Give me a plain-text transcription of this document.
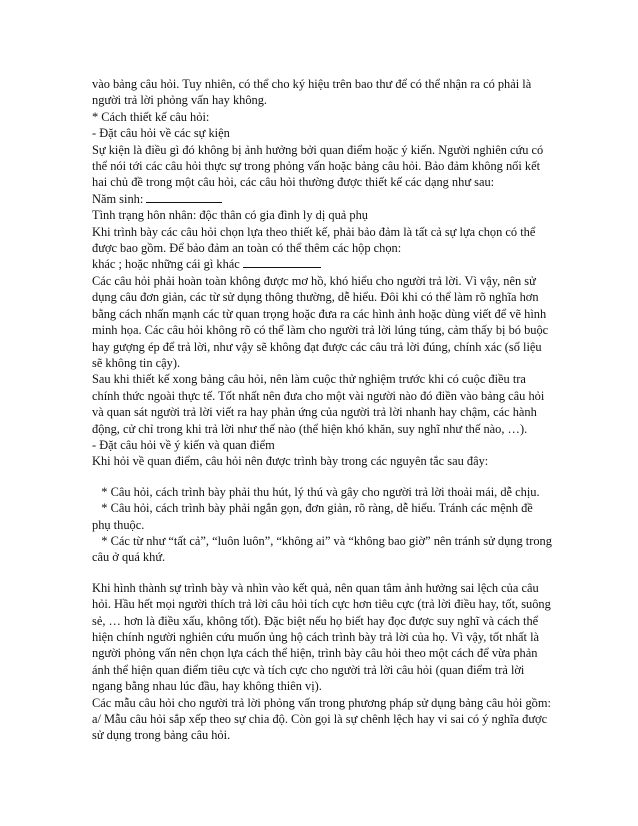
vào bảng câu hỏi. Tuy nhiên, có thể cho ký hiệu trên bao thư để có thể nhận ra có phải là người trả lời phỏng vấn hay không.
* Cách thiết kế câu hỏi:
- Đặt câu hỏi về các sự kiện
Sự kiện là điều gì đó không bị ảnh hưởng bởi quan điểm hoặc ý kiến. Người nghiên cứu có thể nói tới các câu hỏi thực sự trong phỏng vấn hoặc bảng câu hỏi. Bảo đảm không nối kết hai chủ đề trong một câu hỏi, các câu hỏi thường được thiết kế các dạng như sau:
Năm sinh:
Tình trạng hôn nhân: độc thân có gia đình ly dị quả phụ
Khi trình bày các câu hỏi chọn lựa theo thiết kế, phải bảo đảm là tất cả sự lựa chọn có thể được bao gồm. Để bảo đảm an toàn có thể thêm các hộp chọn:
khác ; hoặc những cái gì khác
Các câu hỏi phải hoàn toàn không được mơ hồ, khó hiểu cho người trả lời. Vì vậy, nên sử dụng câu đơn giản, các từ sử dụng thông thường, dễ hiểu. Đôi khi có thể làm rõ nghĩa hơn bằng cách nhấn mạnh các từ quan trọng hoặc đưa ra các hình ảnh hoặc dùng viết để vẽ hình minh họa. Các câu hỏi không rõ có thể làm cho người trả lời lúng túng, cảm thấy bị bó buộc hay gượng ép để trả lời, như vậy sẽ không đạt được các câu trả lời đúng, chính xác (số liệu sẽ không tin cậy).
Sau khi thiết kế xong bảng câu hỏi, nên làm cuộc thử nghiệm trước khi có cuộc điều tra chính thức ngoài thực tế. Tốt nhất nên đưa cho một vài người nào đó điền vào bảng câu hỏi và quan sát người trả lời viết ra hay phản ứng của người trả lời nhanh hay chậm, các hành động, cử chỉ trong khi trả lời như thế nào (thể hiện khó khăn, suy nghĩ như thế nào, …).
- Đặt câu hỏi về ý kiến và quan điểm
Khi hỏi về quan điểm, câu hỏi nên được trình bày trong các nguyên tắc sau đây:
* Câu hỏi, cách trình bày phải thu hút, lý thú và gây cho người trả lời thoải mái, dễ chịu.
* Câu hỏi, cách trình bày phải ngắn gọn, đơn giản, rõ ràng, dễ hiểu. Tránh các mệnh đề phụ thuộc.
* Các từ như “tất cả”, “luôn luôn”, “không ai” và “không bao giờ” nên tránh sử dụng trong câu ở quá khứ.
Khi hình thành sự trình bày và nhìn vào kết quả, nên quan tâm ảnh hưởng sai lệch của câu hỏi. Hầu hết mọi người thích trả lời câu hỏi tích cực hơn tiêu cực (trả lời điều hay, tốt, suông sẻ, … hơn là điều xấu, không tốt). Đặc biệt nếu họ biết hay đọc được suy nghĩ và cách thể hiện chính người nghiên cứu muốn ủng hộ cách trình bày trả lời của họ. Vì vậy, tốt nhất là người phỏng vấn nên chọn lựa cách thể hiện, trình bày câu hỏi theo một cách để vừa phản ánh thể hiện quan điểm tiêu cực và tích cực cho người trả lời câu hỏi (quan điểm trả lời ngang bằng nhau lúc đầu, hay không thiên vị).
Các mẫu câu hỏi cho người trả lời phỏng vấn trong phương pháp sử dụng bảng câu hỏi gồm:
a/ Mẫu câu hỏi sắp xếp theo sự chia độ. Còn gọi là sự chênh lệch hay vi sai có ý nghĩa được sử dụng trong bảng câu hỏi.
